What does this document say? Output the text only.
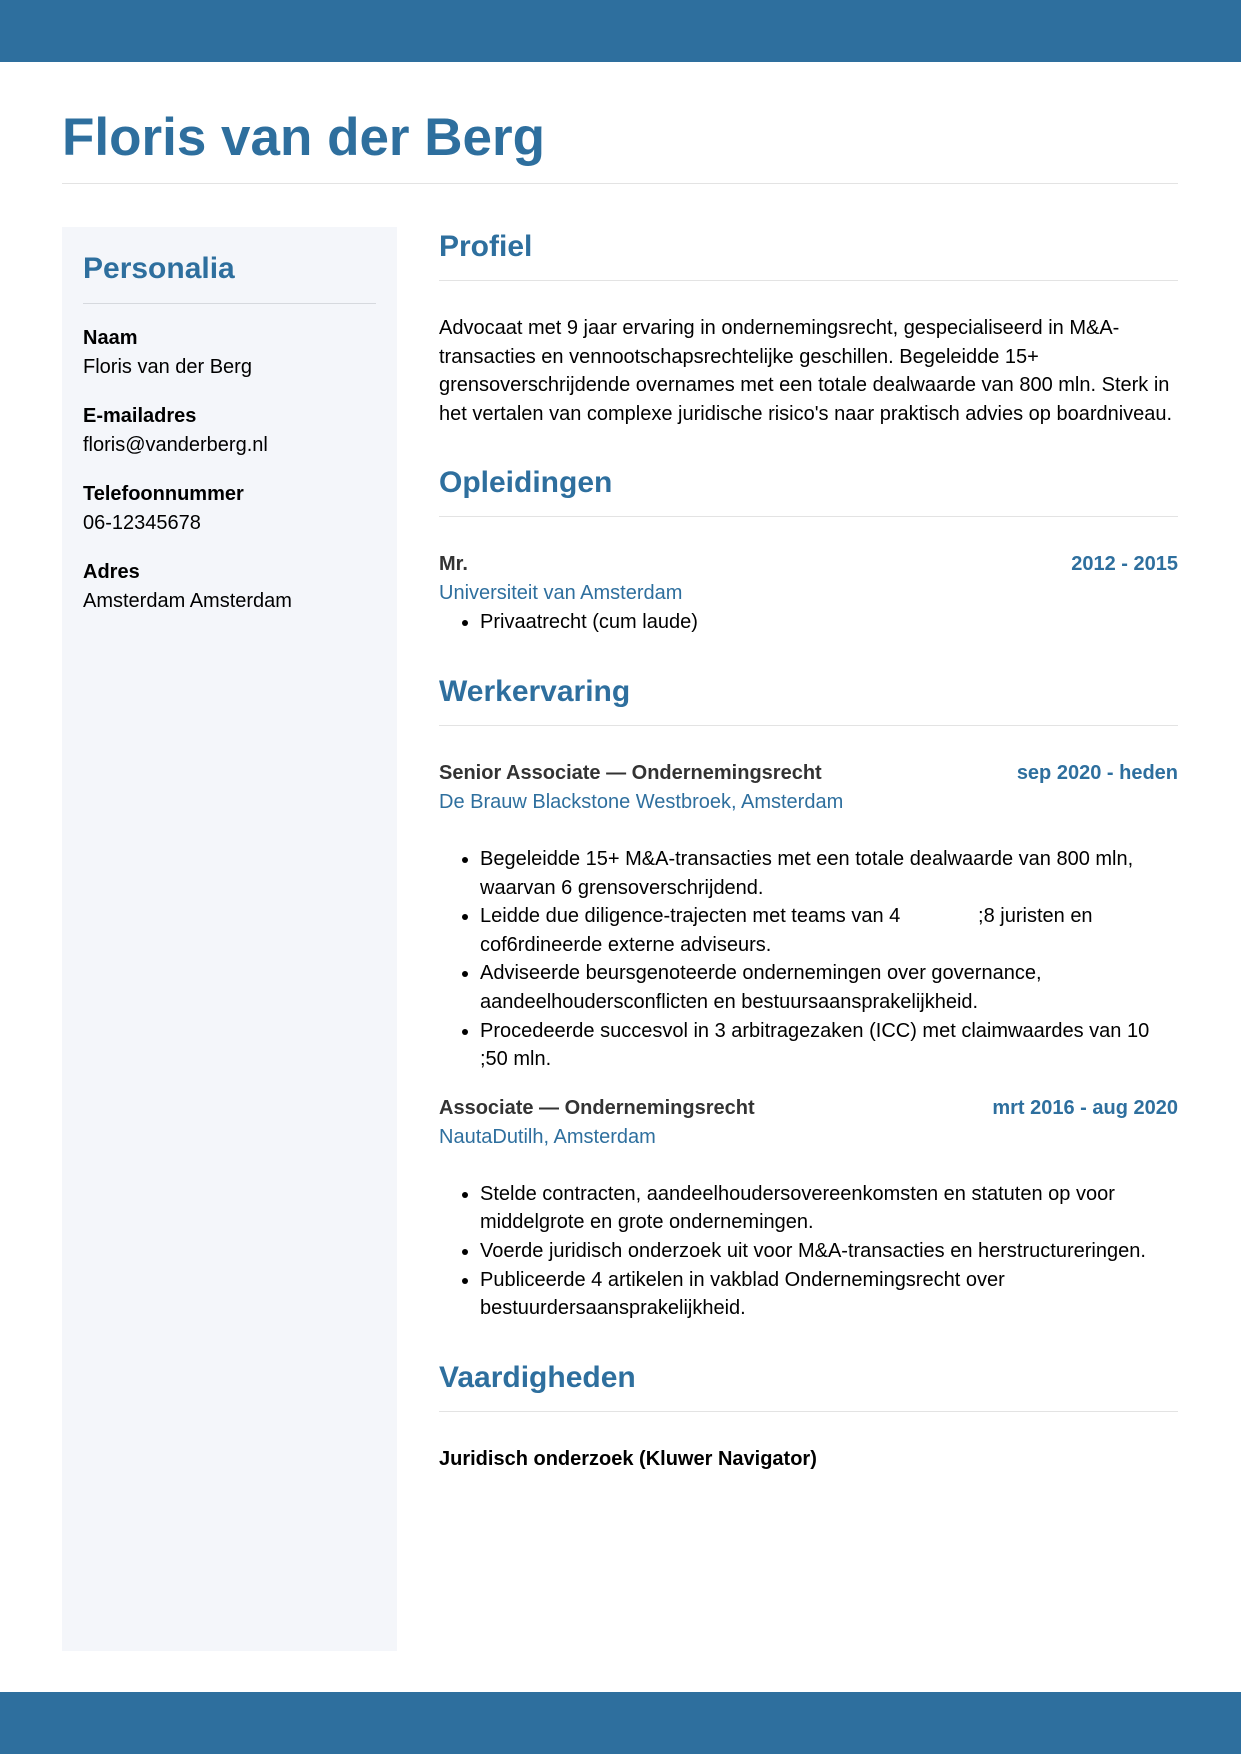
Floris van der Berg
Personalia
Naam
Floris van der Berg
E-mailadres
floris@vanderberg.nl
Telefoonnummer
06-12345678
Adres
Amsterdam Amsterdam
Profiel

Advocaat met 9 jaar ervaring in ondernemingsrecht, gespecialiseerd in M&A-transacties en vennootschapsrechtelijke geschillen. Begeleidde 15+ grensoverschrijdende overnames met een totale dealwaarde van 800 mln. Sterk in het vertalen van complexe juridische risico's naar praktisch advies op boardniveau.

Opleidingen
Mr.	2012 - 2015
Universiteit van Amsterdam
• Privaatrecht (cum laude)
Werkervaring
Senior Associate — Ondernemingsrecht	sep 2020 - heden
De Brauw Blackstone Westbroek, Amsterdam
• Begeleidde 15+ M&A-transacties met een totale dealwaarde van 800 mln, waarvan 6 grensoverschrijdend.
• Leidde due diligence-trajecten met teams van 4              ;8 juristen en cof6rdineerde externe adviseurs.
• Adviseerde beursgenoteerde ondernemingen over governance, aandeelhoudersconflicten en bestuursaansprakelijkheid.
• Procedeerde succesvol in 3 arbitragezaken (ICC) met claimwaardes van 10              ;50 mln.
Associate — Ondernemingsrecht	mrt 2016 - aug 2020
NautaDutilh, Amsterdam
• Stelde contracten, aandeelhoudersovereenkomsten en statuten op voor middelgrote en grote ondernemingen.
• Voerde juridisch onderzoek uit voor M&A-transacties en herstructureringen.
• Publiceerde 4 artikelen in vakblad Ondernemingsrecht over bestuurdersaansprakelijkheid.
Vaardigheden
Juridisch onderzoek (Kluwer Navigator)
